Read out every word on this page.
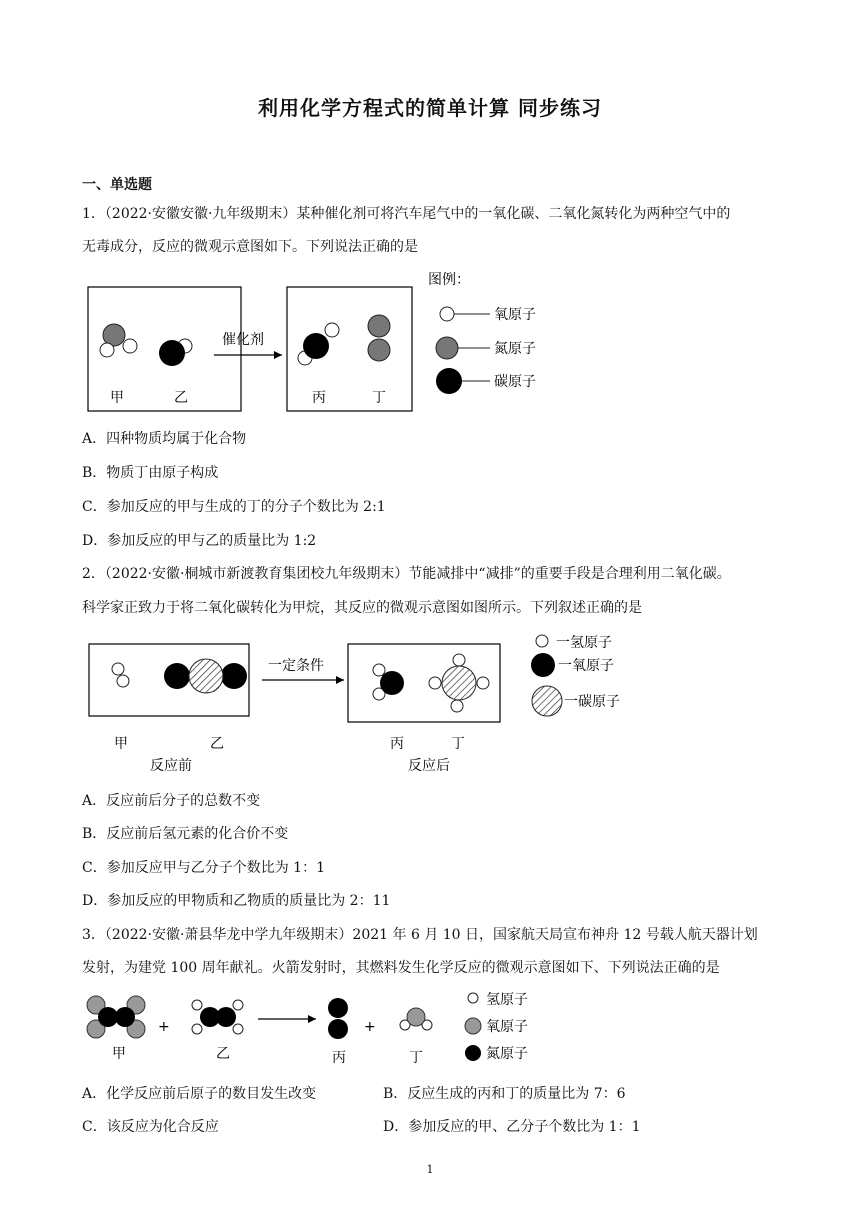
利用化学方程式的简单计算 同步练习
一、单选题
1．（2022·安徽安徽·九年级期末）某种催化剂可将汽车尾气中的一氧化碳、二氧化氮转化为两种空气中的
无毒成分，反应的微观示意图如下。下列说法正确的是
催化剂
甲	乙	丙	丁
图例：
氧原子
氮原子
碳原子
A．四种物质均属于化合物
B．物质丁由原子构成
C．参加反应的甲与生成的丁的分子个数比为 2:1
D．参加反应的甲与乙的质量比为 1:2
2．（2022·安徽·桐城市新渡教育集团校九年级期末）节能减排中“减排”的重要手段是合理利用二氧化碳。
科学家正致力于将二氧化碳转化为甲烷，其反应的微观示意图如图所示。下列叙述正确的是
一定条件
甲	乙	丙	丁
反应前	反应后
一氢原子
一氧原子
一碳原子
A．反应前后分子的总数不变
B．反应前后氢元素的化合价不变
C．参加反应甲与乙分子个数比为 1：1
D．参加反应的甲物质和乙物质的质量比为 2：11
3．（2022·安徽·萧县华龙中学九年级期末）2021 年 6 月 10 日，国家航天局宣布神舟 12 号载人航天器计划
发射，为建党 100 周年献礼。火箭发射时，其燃料发生化学反应的微观示意图如下、下列说法正确的是
+	+
甲	乙	丙	丁
氢原子
氧原子
氮原子
A．化学反应前后原子的数目发生改变	B．反应生成的丙和丁的质量比为 7：6
C．该反应为化合反应	D．参加反应的甲、乙分子个数比为 1：1
1
